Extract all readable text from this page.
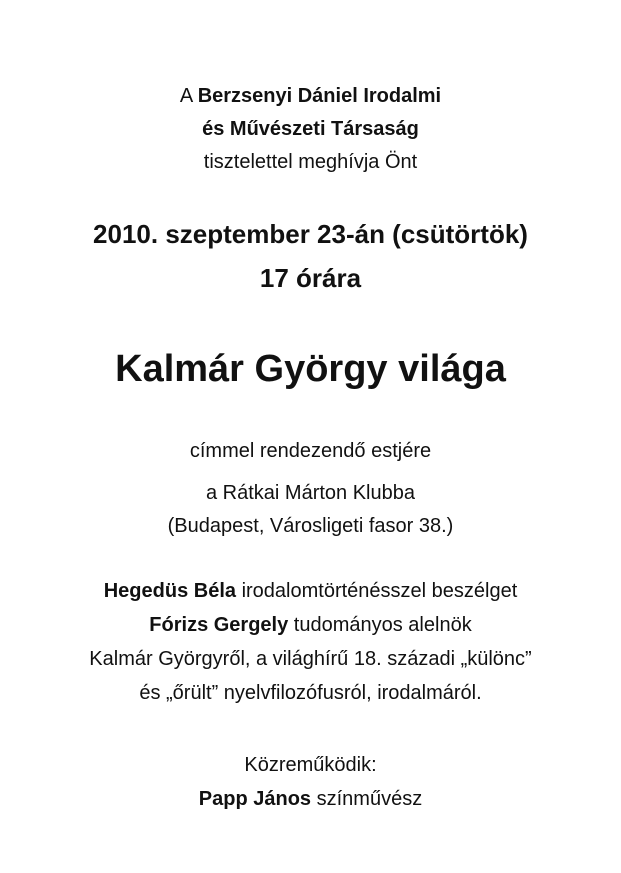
A Berzsenyi Dániel Irodalmi
és Művészeti Társaság
tisztelettel meghívja Önt
2010. szeptember 23-án (csütörtök)
17 órára
Kalmár György világa
címmel rendezendő estjére
a Rátkai Márton Klubba
(Budapest, Városligeti fasor 38.)
Hegedüs Béla irodalomtörténésszel beszélget
Fórizs Gergely tudományos alelnök
Kalmár Györgyről, a világhírű 18. századi „különc”
és „őrült” nyelvfilozófusról, irodalmáról.
Közreműködik:
Papp János színművész
